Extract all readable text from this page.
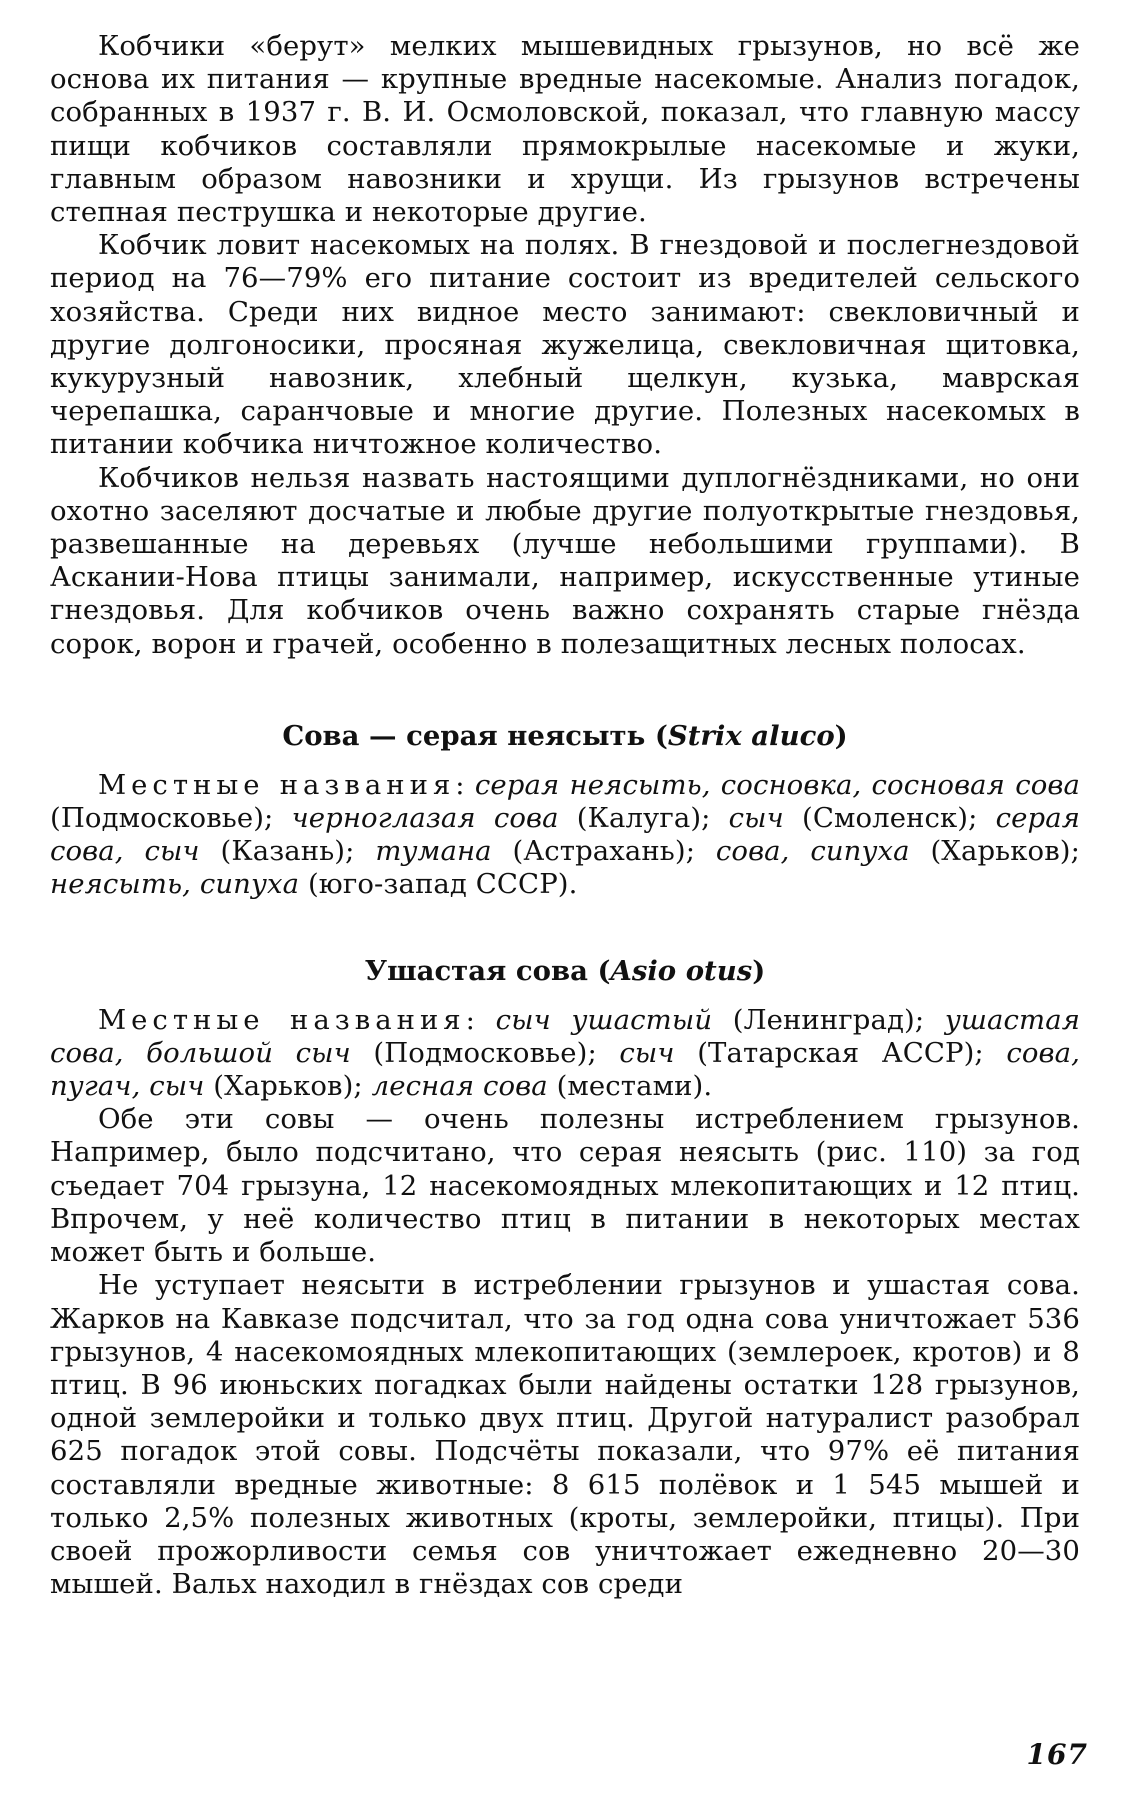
Кобчики «берут» мелких мышевидных грызунов, но всё же основа их питания — крупные вредные насекомые. Анализ погадок, собранных в 1937 г. В. И. Осмоловской, показал, что главную массу пищи кобчиков составляли прямокрылые насекомые и жуки, главным образом навозники и хрущи. Из грызунов встречены степная пеструшка и некоторые другие.

Кобчик ловит насекомых на полях. В гнездовой и послегнездовой период на 76—79% его питание состоит из вредителей сельского хозяйства. Среди них видное место занимают: свекловичный и другие долгоносики, просяная жужелица, свекловичная щитовка, кукурузный навозник, хлебный щелкун, кузька, маврская черепашка, саранчовые и многие другие. Полезных насекомых в питании кобчика ничтожное количество.

Кобчиков нельзя назвать настоящими дуплогнёздниками, но они охотно заселяют досчатые и любые другие полуоткрытые гнездовья, развешанные на деревьях (лучше небольшими группами). В Аскании-Нова птицы занимали, например, искусственные утиные гнездовья. Для кобчиков очень важно сохранять старые гнёзда сорок, ворон и грачей, особенно в полезащитных лесных полосах.

Сова — серая неясыть (Strix aluco)

Местные названия: серая неясыть, сосновка, сосновая сова (Подмосковье); черноглазая сова (Калуга); сыч (Смоленск); серая сова, сыч (Казань); тумана (Астрахань); сова, сипуха (Харьков); неясыть, сипуха (юго-запад СССР).

Ушастая сова (Asio otus)

Местные названия: сыч ушастый (Ленинград); ушастая сова, большой сыч (Подмосковье); сыч (Татарская АССР); сова, пугач, сыч (Харьков); лесная сова (местами).

Обе эти совы — очень полезны истреблением грызунов. Например, было подсчитано, что серая неясыть (рис. 110) за год съедает 704 грызуна, 12 насекомоядных млекопитающих и 12 птиц. Впрочем, у неё количество птиц в питании в некоторых местах может быть и больше.

Не уступает неясыти в истреблении грызунов и ушастая сова. Жарков на Кавказе подсчитал, что за год одна сова уничтожает 536 грызунов, 4 насекомоядных млекопитающих (землероек, кротов) и 8 птиц. В 96 июньских погадках были найдены остатки 128 грызунов, одной землеройки и только двух птиц. Другой натуралист разобрал 625 погадок этой совы. Подсчёты показали, что 97% её питания составляли вредные животные: 8 615 полёвок и 1 545 мышей и только 2,5% полезных животных (кроты, землеройки, птицы). При своей прожорливости семья сов уничтожает ежедневно 20—30 мышей. Вальх находил в гнёздах сов среди

167
